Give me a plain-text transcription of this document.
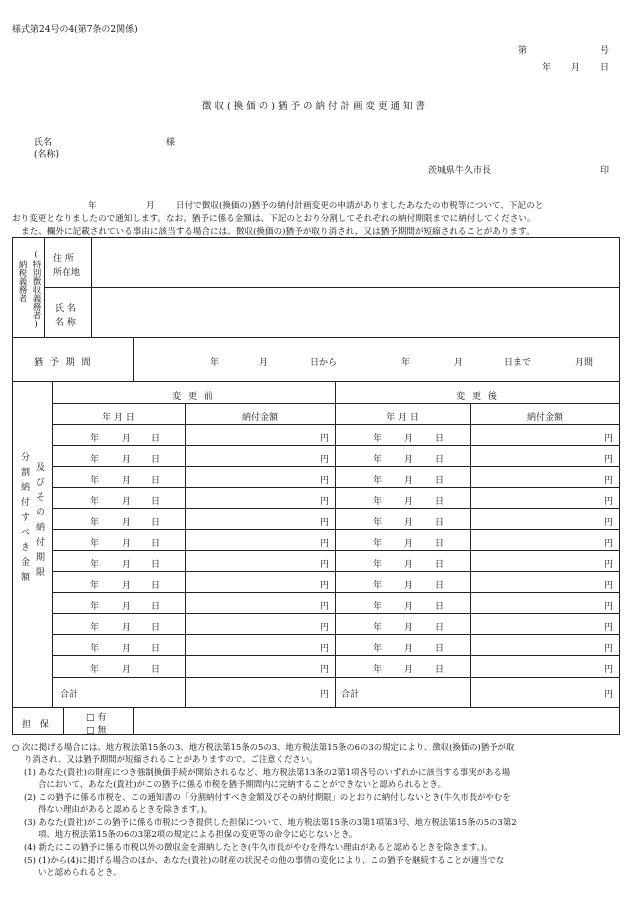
様式第24号の4(第7条の2関係)
第	号
年 月 日
徴収(換価の)猶予の納付計画変更通知書
氏名
(名称)
様
茨城県牛久市長	印
年	月 日付で徴収(換価の)猶予の納付計画変更の申請がありましたあなたの市税等について、下記のと
おり変更となりましたので通知します。なお、猶予に係る金額は、下記のとおり分割してそれぞれの納付期限までに納付してください。
また、欄外に記載されている事由に該当する場合には、徴収(換価の)猶予が取り消され、又は猶予期間が短縮されることがあります。
(特別徴収義務者)
納税義務者
住 所
所在地
氏 名
名 称
猶 予 期 間	年	月	日から	年	月	日まで	月間
変 更 前	変 更 後
年 月 日	納付金額	年 月 日	納付金額
分割納付すべき金額 及びその納付期限
年	月 日	円	年 月 日	円
年	月 日	円	年 月 日	円
年	月 日	円	年 月 日	円
年	月 日	円	年 月 日	円
年	月 日	円	年 月 日	円
年	月 日	円	年 月 日	円
年	月 日	円	年 月 日	円
年	月 日	円	年 月 日	円
年	月 日	円	年 月 日	円
年	月 日	円	年 月 日	円
年	月 日	円	年 月 日	円
年	月 日	円	年 月 日	円
合計	円 合計	円
担 保
□ 有
□ 無
○ 次に掲げる場合には、地方税法第15条の3、地方税法第15条の5の3、地方税法第15条の6の3の規定により、徴収(換価の)猶予が取
り消され、又は猶予期間が短縮されることがありますので、ご注意ください。
(1) あなた(貴社)の財産につき強制換価手続が開始されるなど、地方税法第13条の2第1項各号のいずれかに該当する事実がある場
合において、あなた(貴社)がこの猶予に係る市税を猶予期間内に完納することができないと認められるとき。
(2) この猶予に係る市税を、この通知書の「分割納付すべき金額及びその納付期限」のとおりに納付しないとき(牛久市長がやむを
得ない理由があると認めるときを除きます。)。
(3) あなた(貴社)がこの猶予に係る市税につき提供した担保について、地方税法第15条の3第1項第3号、地方税法第15条の5の3第2
項、地方税法第15条の6の3第2項の規定による担保の変更等の命令に応じないとき。
(4) 新たにこの猶予に係る市税以外の徴収金を滞納したとき(牛久市長がやむを得ない理由があると認めるときを除きます。)。
(5) (1)から(4)に掲げる場合のほか、あなた(貴社)の財産の状況その他の事情の変化により、この猶予を継続することが適当でな
いと認められるとき。
